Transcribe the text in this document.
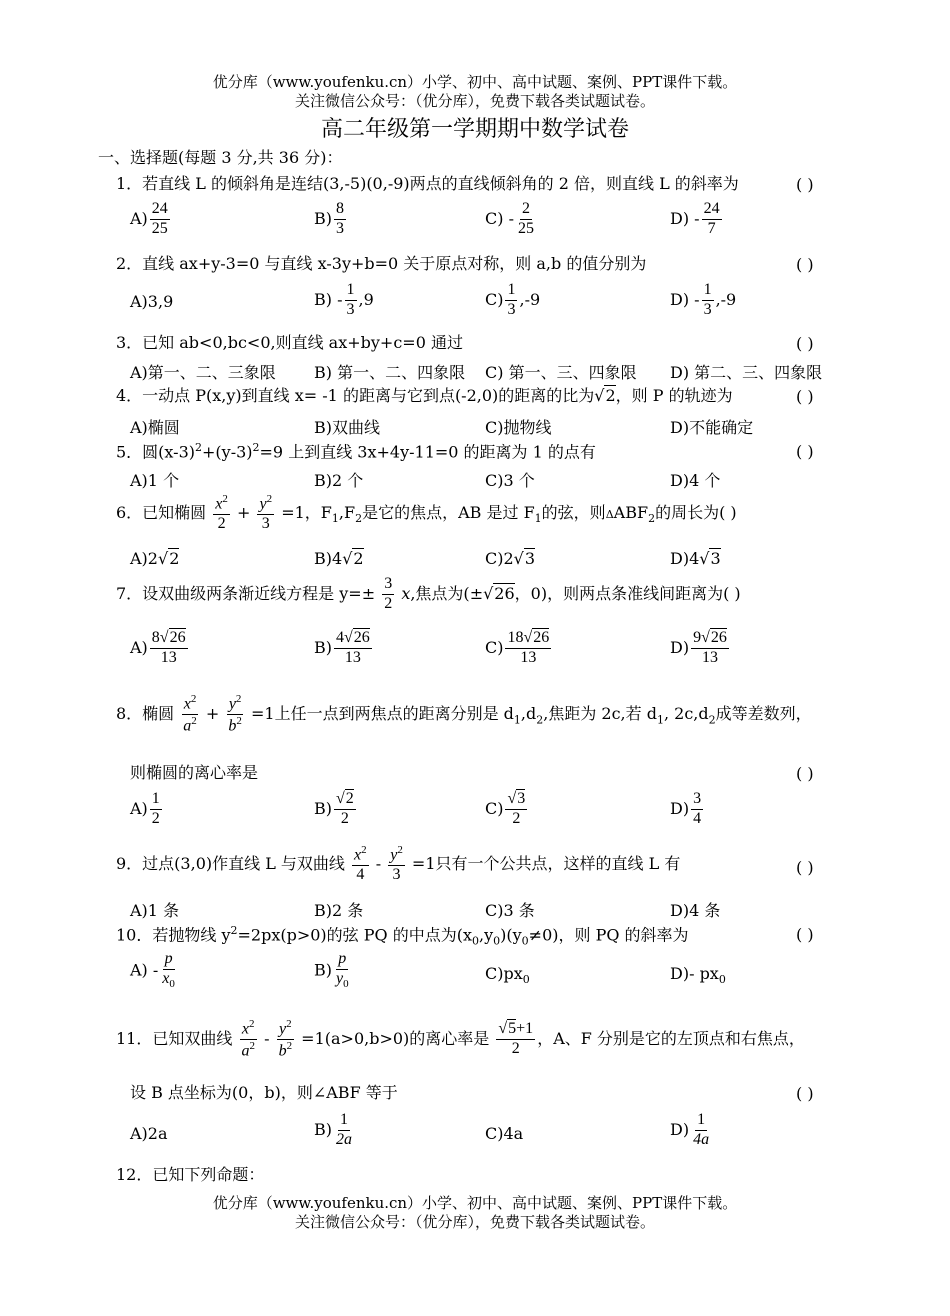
优分库（www.youfenku.cn）小学、初中、高中试题、案例、PPT课件下载。
关注微信公众号：（优分库），免费下载各类试题试卷。
高二年级第一学期期中数学试卷
一、选择题(每题 3 分,共 36 分)：
1．若直线 L 的倾斜角是连结(3,-5)(0,-9)两点的直线倾斜角的 2 倍，则直线 L 的斜率为	( )
$A) \frac{24}{25}$	$B) \frac{8}{3}$	$C) - \frac{2}{25}$	$D) - \frac{24}{7}$
2．直线 ax+y-3=0 与直线 x-3y+b=0 关于原点对称，则 a,b 的值分别为	( )
A)3,9	$B) - \frac{1}{3} ,9$	$C) \frac{1}{3} ,-9$	$D) - \frac{1}{3} ,-9$
3．已知 ab<0,bc<0,则直线 ax+by+c=0 通过	( )
A)第一、二、三象限 B) 第一、二、四象限 C) 第一、三、四象限 D) 第二、三、四象限
4．一动点 P(x,y)到直线 x= -1 的距离与它到点(-2,0)的距离的比为√2，则 P 的轨迹为	( )
A)椭圆	B)双曲线	C)抛物线	D)不能确定
5．圆$(x-3)^2+(y-3)^2=9$ 上到直线 3x+4y-11=0 的距离为 1 的点有	( )
A)1 个	B)2 个	C)3 个	D)4 个
6．已知椭圆 $\frac{x^2}{2} + \frac{y^2}{3} =1$，$F_1,F_2$是它的焦点，AB 是过 $F_1$的弦，则$\Delta ABF_2$的周长为( )
A)2√2	B)4√2	C)2√3	D)4√3
7．设双曲级两条渐近线方程是 $y=\pm \frac{3}{2} x$,焦点为(±√26，0)，则两点条准线间距离为( )
$A) \frac{8√26}{13}$	$B) \frac{4√26}{13}$	$C) \frac{18√26}{13}$	$D) \frac{9√26}{13}$
8．椭圆 $\frac{x^2}{a^2} + \frac{y^2}{b^2} =1$上任一点到两焦点的距离分别是 $d_1,d_2$,焦距为 2c,若 $d_1$, $2c,d_2$成等差数列，
则椭圆的离心率是	( )
$A) \frac{1}{2}$	$B) \frac{√2}{2}$	$C) \frac{√3}{2}$	$D) \frac{3}{4}$
9．过点(3,0)作直线 L 与双曲线 $\frac{x^2}{4} - \frac{y^2}{3} =1$只有一个公共点，这样的直线 L 有	( )
A)1 条	B)2 条	C)3 条	D)4 条
10．若抛物线 $y^2=2px(p>0)$的弦 PQ 的中点为$(x_0,y_0)(y_0\ne 0)$，则 PQ 的斜率为	( )
$A) - \frac{p}{x_0}$	$B) \frac{p}{y_0}$	$C)px_0$	D)- $px_0$
11．已知双曲线 $\frac{x^2}{a^2} - \frac{y^2}{b^2} =1(a>0,b>0)$的离心率是 $\frac{√5+1}{2}$ ，A、F 分别是它的左顶点和右焦点，
设 B 点坐标为(0，b)，则∠ABF 等于	( )
A)2a	$B) \frac{1}{2a}$	C)4a	$D) \frac{1}{4a}$
12．已知下列命题：
优分库（www.youfenku.cn）小学、初中、高中试题、案例、PPT课件下载。
关注微信公众号：（优分库），免费下载各类试题试卷。
